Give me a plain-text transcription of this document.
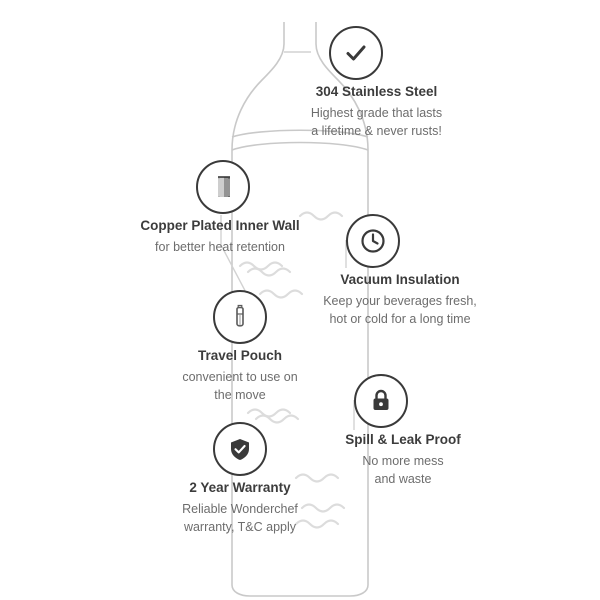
304 Stainless Steel

Highest grade that lasts
a lifetime & never rusts!

Copper Plated Inner Wall

for better heat retention

Vacuum Insulation

Keep your beverages fresh,
hot or cold for a long time

Travel Pouch

convenient to use on
the move

Spill & Leak Proof

No more mess
and waste

2 Year Warranty

Reliable Wonderchef
warranty, T&C apply
